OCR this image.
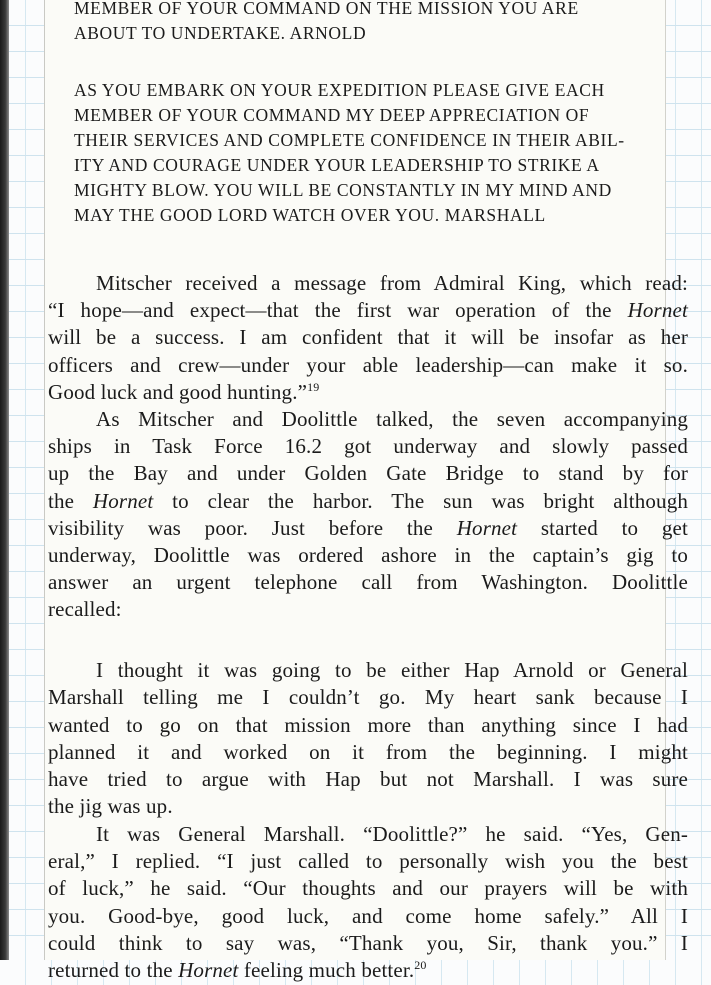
MEMBER OF YOUR COMMAND ON THE MISSION YOU ARE
ABOUT TO UNDERTAKE. ARNOLD
AS YOU EMBARK ON YOUR EXPEDITION PLEASE GIVE EACH
MEMBER OF YOUR COMMAND MY DEEP APPRECIATION OF
THEIR SERVICES AND COMPLETE CONFIDENCE IN THEIR ABIL-
ITY AND COURAGE UNDER YOUR LEADERSHIP TO STRIKE A
MIGHTY BLOW. YOU WILL BE CONSTANTLY IN MY MIND AND
MAY THE GOOD LORD WATCH OVER YOU. MARSHALL
Mitscher received a message from Admiral King, which read:
“I hope—and expect—that the first war operation of the Hornet
will be a success. I am confident that it will be insofar as her
officers and crew—under your able leadership—can make it so.
Good luck and good hunting.”$^{19}$
As Mitscher and Doolittle talked, the seven accompanying
ships in Task Force 16.2 got underway and slowly passed
up the Bay and under Golden Gate Bridge to stand by for
the Hornet to clear the harbor. The sun was bright although
visibility was poor. Just before the Hornet started to get
underway, Doolittle was ordered ashore in the captain’s gig to
answer an urgent telephone call from Washington. Doolittle
recalled:
I thought it was going to be either Hap Arnold or General
Marshall telling me I couldn’t go. My heart sank because I
wanted to go on that mission more than anything since I had
planned it and worked on it from the beginning. I might
have tried to argue with Hap but not Marshall. I was sure
the jig was up.
It was General Marshall. “Doolittle?” he said. “Yes, Gen-
eral,” I replied. “I just called to personally wish you the best
of luck,” he said. “Our thoughts and our prayers will be with
you. Good-bye, good luck, and come home safely.” All I
could think to say was, “Thank you, Sir, thank you.” I
returned to the Hornet feeling much better.$^{20}$
